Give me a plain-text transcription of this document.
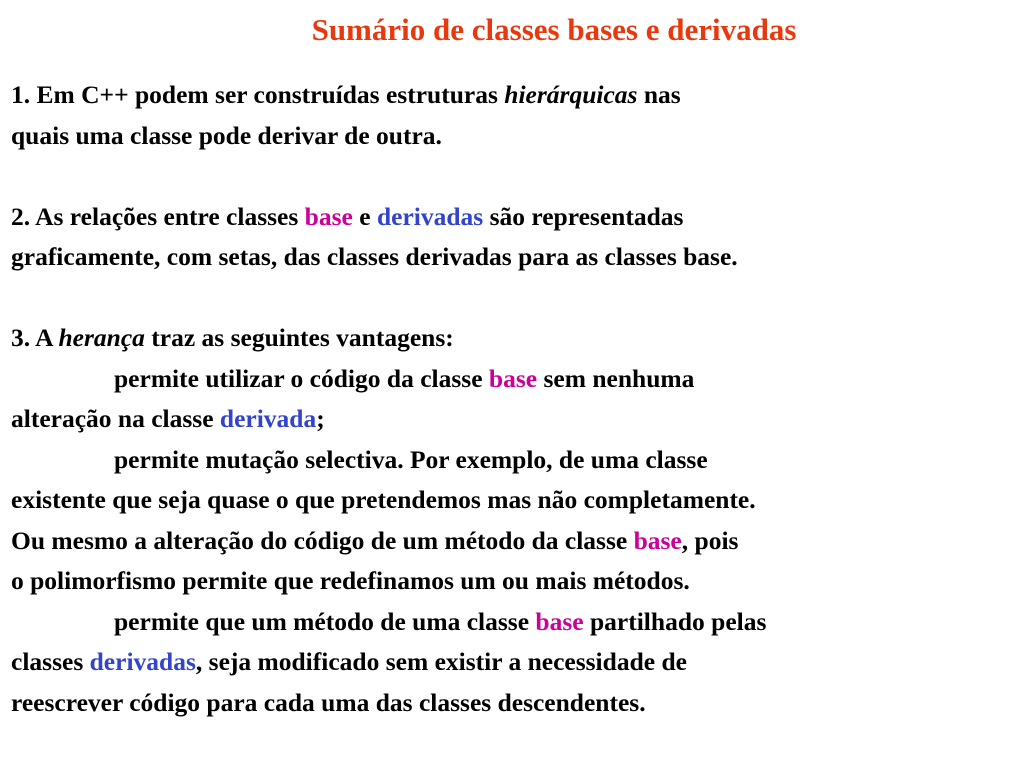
Sumário de classes bases e derivadas
1. Em C++ podem ser construídas estruturas hierárquicas nas
quais uma classe pode derivar de outra.
2. As relações entre classes base e derivadas são representadas
graficamente, com setas, das classes derivadas para as classes base.
3. A herança traz as seguintes vantagens:
permite utilizar o código da classe base sem nenhuma
alteração na classe derivada;
permite mutação selectiva. Por exemplo, de uma classe
existente que seja quase o que pretendemos mas não completamente.
Ou mesmo a alteração do código de um método da classe base, pois
o polimorfismo permite que redefinamos um ou mais métodos.
permite que um método de uma classe base partilhado pelas
classes derivadas, seja modificado sem existir a necessidade de
reescrever código para cada uma das classes descendentes.
